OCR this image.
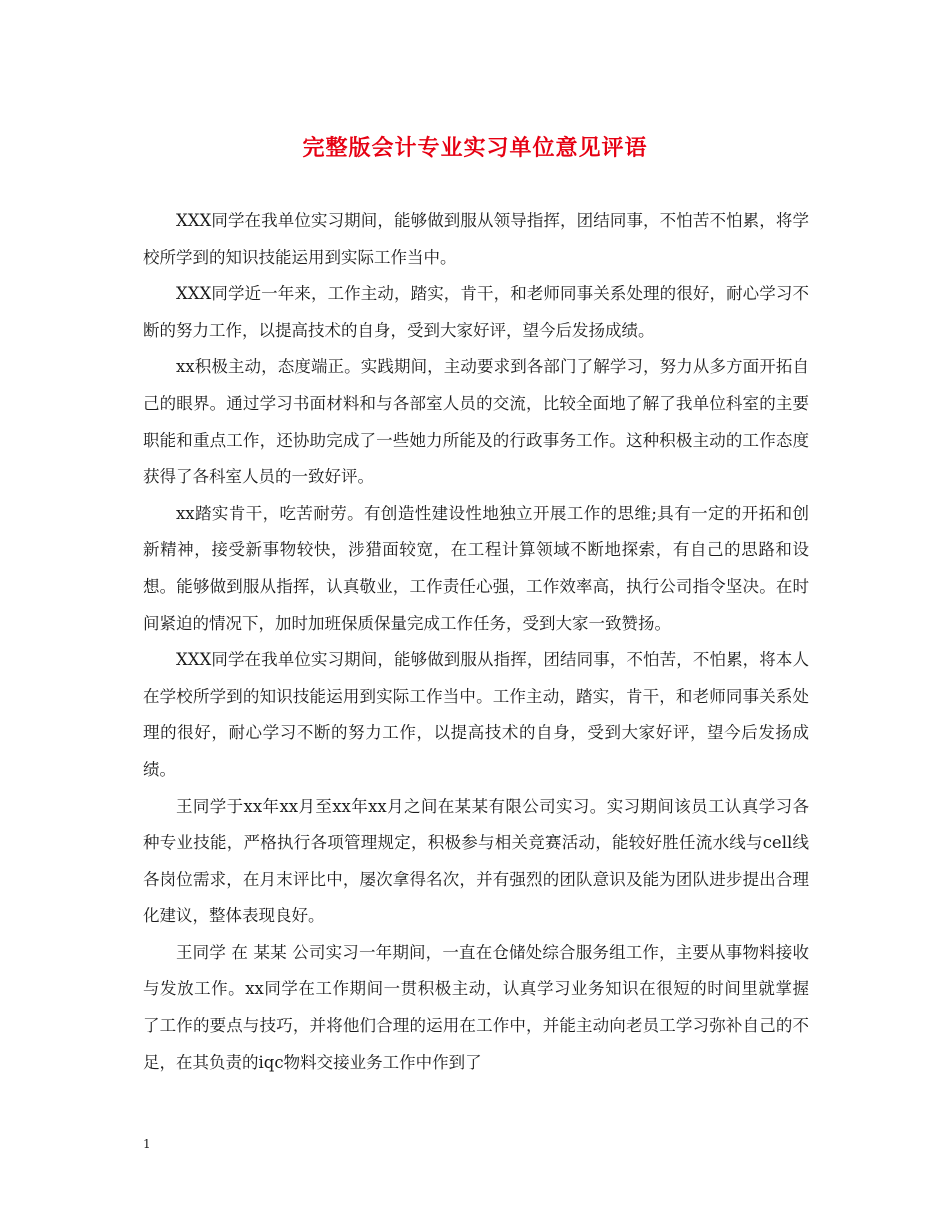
完整版会计专业实习单位意见评语

XXX同学在我单位实习期间，能够做到服从领导指挥，团结同事，不怕苦不怕累，将学校所学到的知识技能运用到实际工作当中。

XXX同学近一年来，工作主动，踏实，肯干，和老师同事关系处理的很好，耐心学习不断的努力工作，以提高技术的自身，受到大家好评，望今后发扬成绩。

xx积极主动，态度端正。实践期间，主动要求到各部门了解学习，努力从多方面开拓自己的眼界。通过学习书面材料和与各部室人员的交流，比较全面地了解了我单位科室的主要职能和重点工作，还协助完成了一些她力所能及的行政事务工作。这种积极主动的工作态度获得了各科室人员的一致好评。

xx踏实肯干，吃苦耐劳。有创造性建设性地独立开展工作的思维;具有一定的开拓和创新精神，接受新事物较快，涉猎面较宽，在工程计算领域不断地探索，有自己的思路和设想。能够做到服从指挥，认真敬业，工作责任心强，工作效率高，执行公司指令坚决。在时间紧迫的情况下，加时加班保质保量完成工作任务，受到大家一致赞扬。

XXX同学在我单位实习期间，能够做到服从指挥，团结同事，不怕苦，不怕累，将本人在学校所学到的知识技能运用到实际工作当中。工作主动，踏实，肯干，和老师同事关系处理的很好，耐心学习不断的努力工作，以提高技术的自身，受到大家好评，望今后发扬成绩。

王同学于xx年xx月至xx年xx月之间在某某有限公司实习。实习期间该员工认真学习各种专业技能，严格执行各项管理规定，积极参与相关竞赛活动，能较好胜任流水线与cell线各岗位需求，在月末评比中，屡次拿得名次，并有强烈的团队意识及能为团队进步提出合理化建议，整体表现良好。

王同学 在 某某 公司实习一年期间，一直在仓储处综合服务组工作，主要从事物料接收与发放工作。xx同学在工作期间一贯积极主动，认真学习业务知识在很短的时间里就掌握 了工作的要点与技巧，并将他们合理的运用在工作中，并能主动向老员工学习弥补自己的不足，在其负责的iqc物料交接业务工作中作到了

1
